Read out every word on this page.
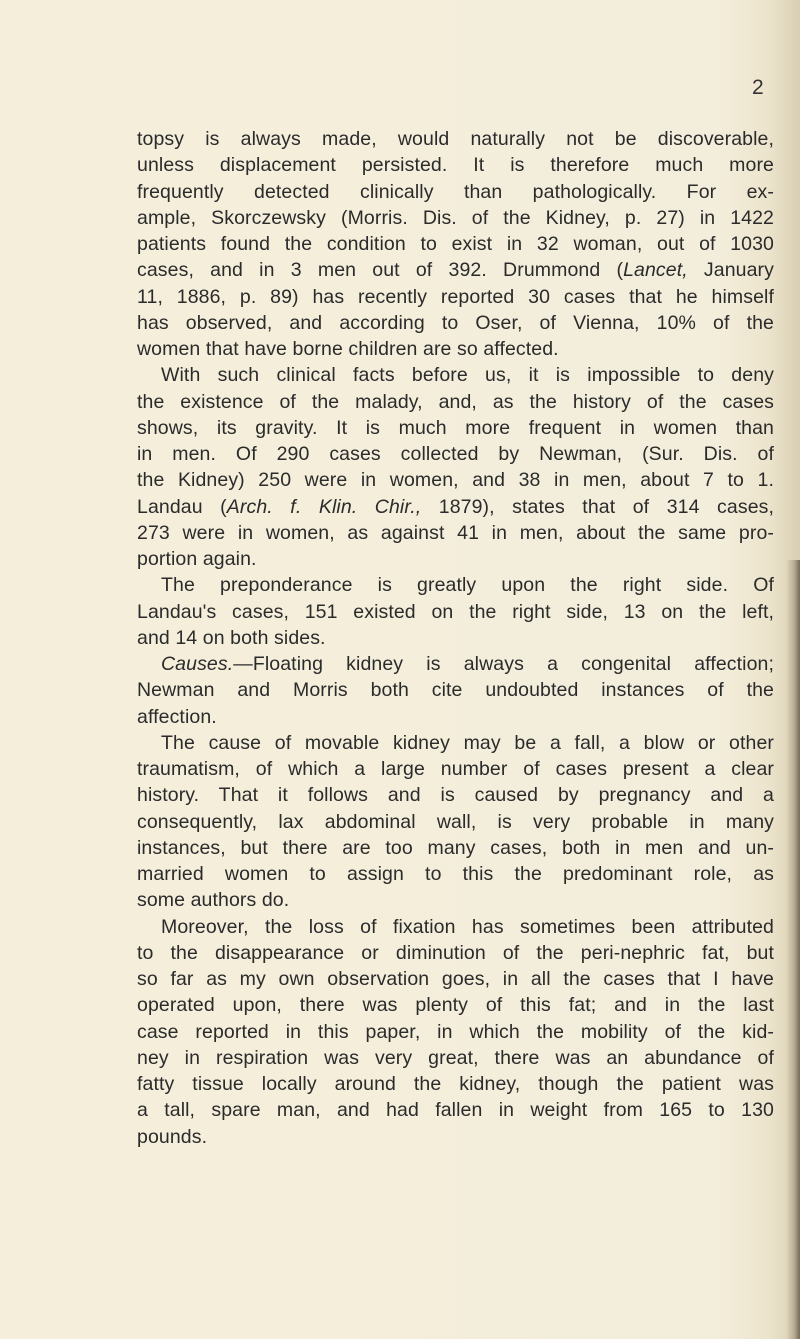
2
topsy is always made, would naturally not be discoverable,
unless displacement persisted. It is therefore much more
frequently detected clinically than pathologically. For ex-
ample, Skorczewsky (Morris. Dis. of the Kidney, p. 27) in 1422
patients found the condition to exist in 32 woman, out of 1030
cases, and in 3 men out of 392. Drummond (Lancet, January
11, 1886, p. 89) has recently reported 30 cases that he himself
has observed, and according to Oser, of Vienna, 10% of the
women that have borne children are so affected.
With such clinical facts before us, it is impossible to deny
the existence of the malady, and, as the history of the cases
shows, its gravity. It is much more frequent in women than
in men. Of 290 cases collected by Newman, (Sur. Dis. of
the Kidney) 250 were in women, and 38 in men, about 7 to 1.
Landau (Arch. f. Klin. Chir., 1879), states that of 314 cases,
273 were in women, as against 41 in men, about the same pro-
portion again.
The preponderance is greatly upon the right side. Of
Landau's cases, 151 existed on the right side, 13 on the left,
and 14 on both sides.
Causes.—Floating kidney is always a congenital affection;
Newman and Morris both cite undoubted instances of the
affection.
The cause of movable kidney may be a fall, a blow or other
traumatism, of which a large number of cases present a clear
history. That it follows and is caused by pregnancy and a
consequently, lax abdominal wall, is very probable in many
instances, but there are too many cases, both in men and un-
married women to assign to this the predominant role, as
some authors do.
Moreover, the loss of fixation has sometimes been attributed
to the disappearance or diminution of the peri-nephric fat, but
so far as my own observation goes, in all the cases that I have
operated upon, there was plenty of this fat; and in the last
case reported in this paper, in which the mobility of the kid-
ney in respiration was very great, there was an abundance of
fatty tissue locally around the kidney, though the patient was
a tall, spare man, and had fallen in weight from 165 to 130
pounds.
